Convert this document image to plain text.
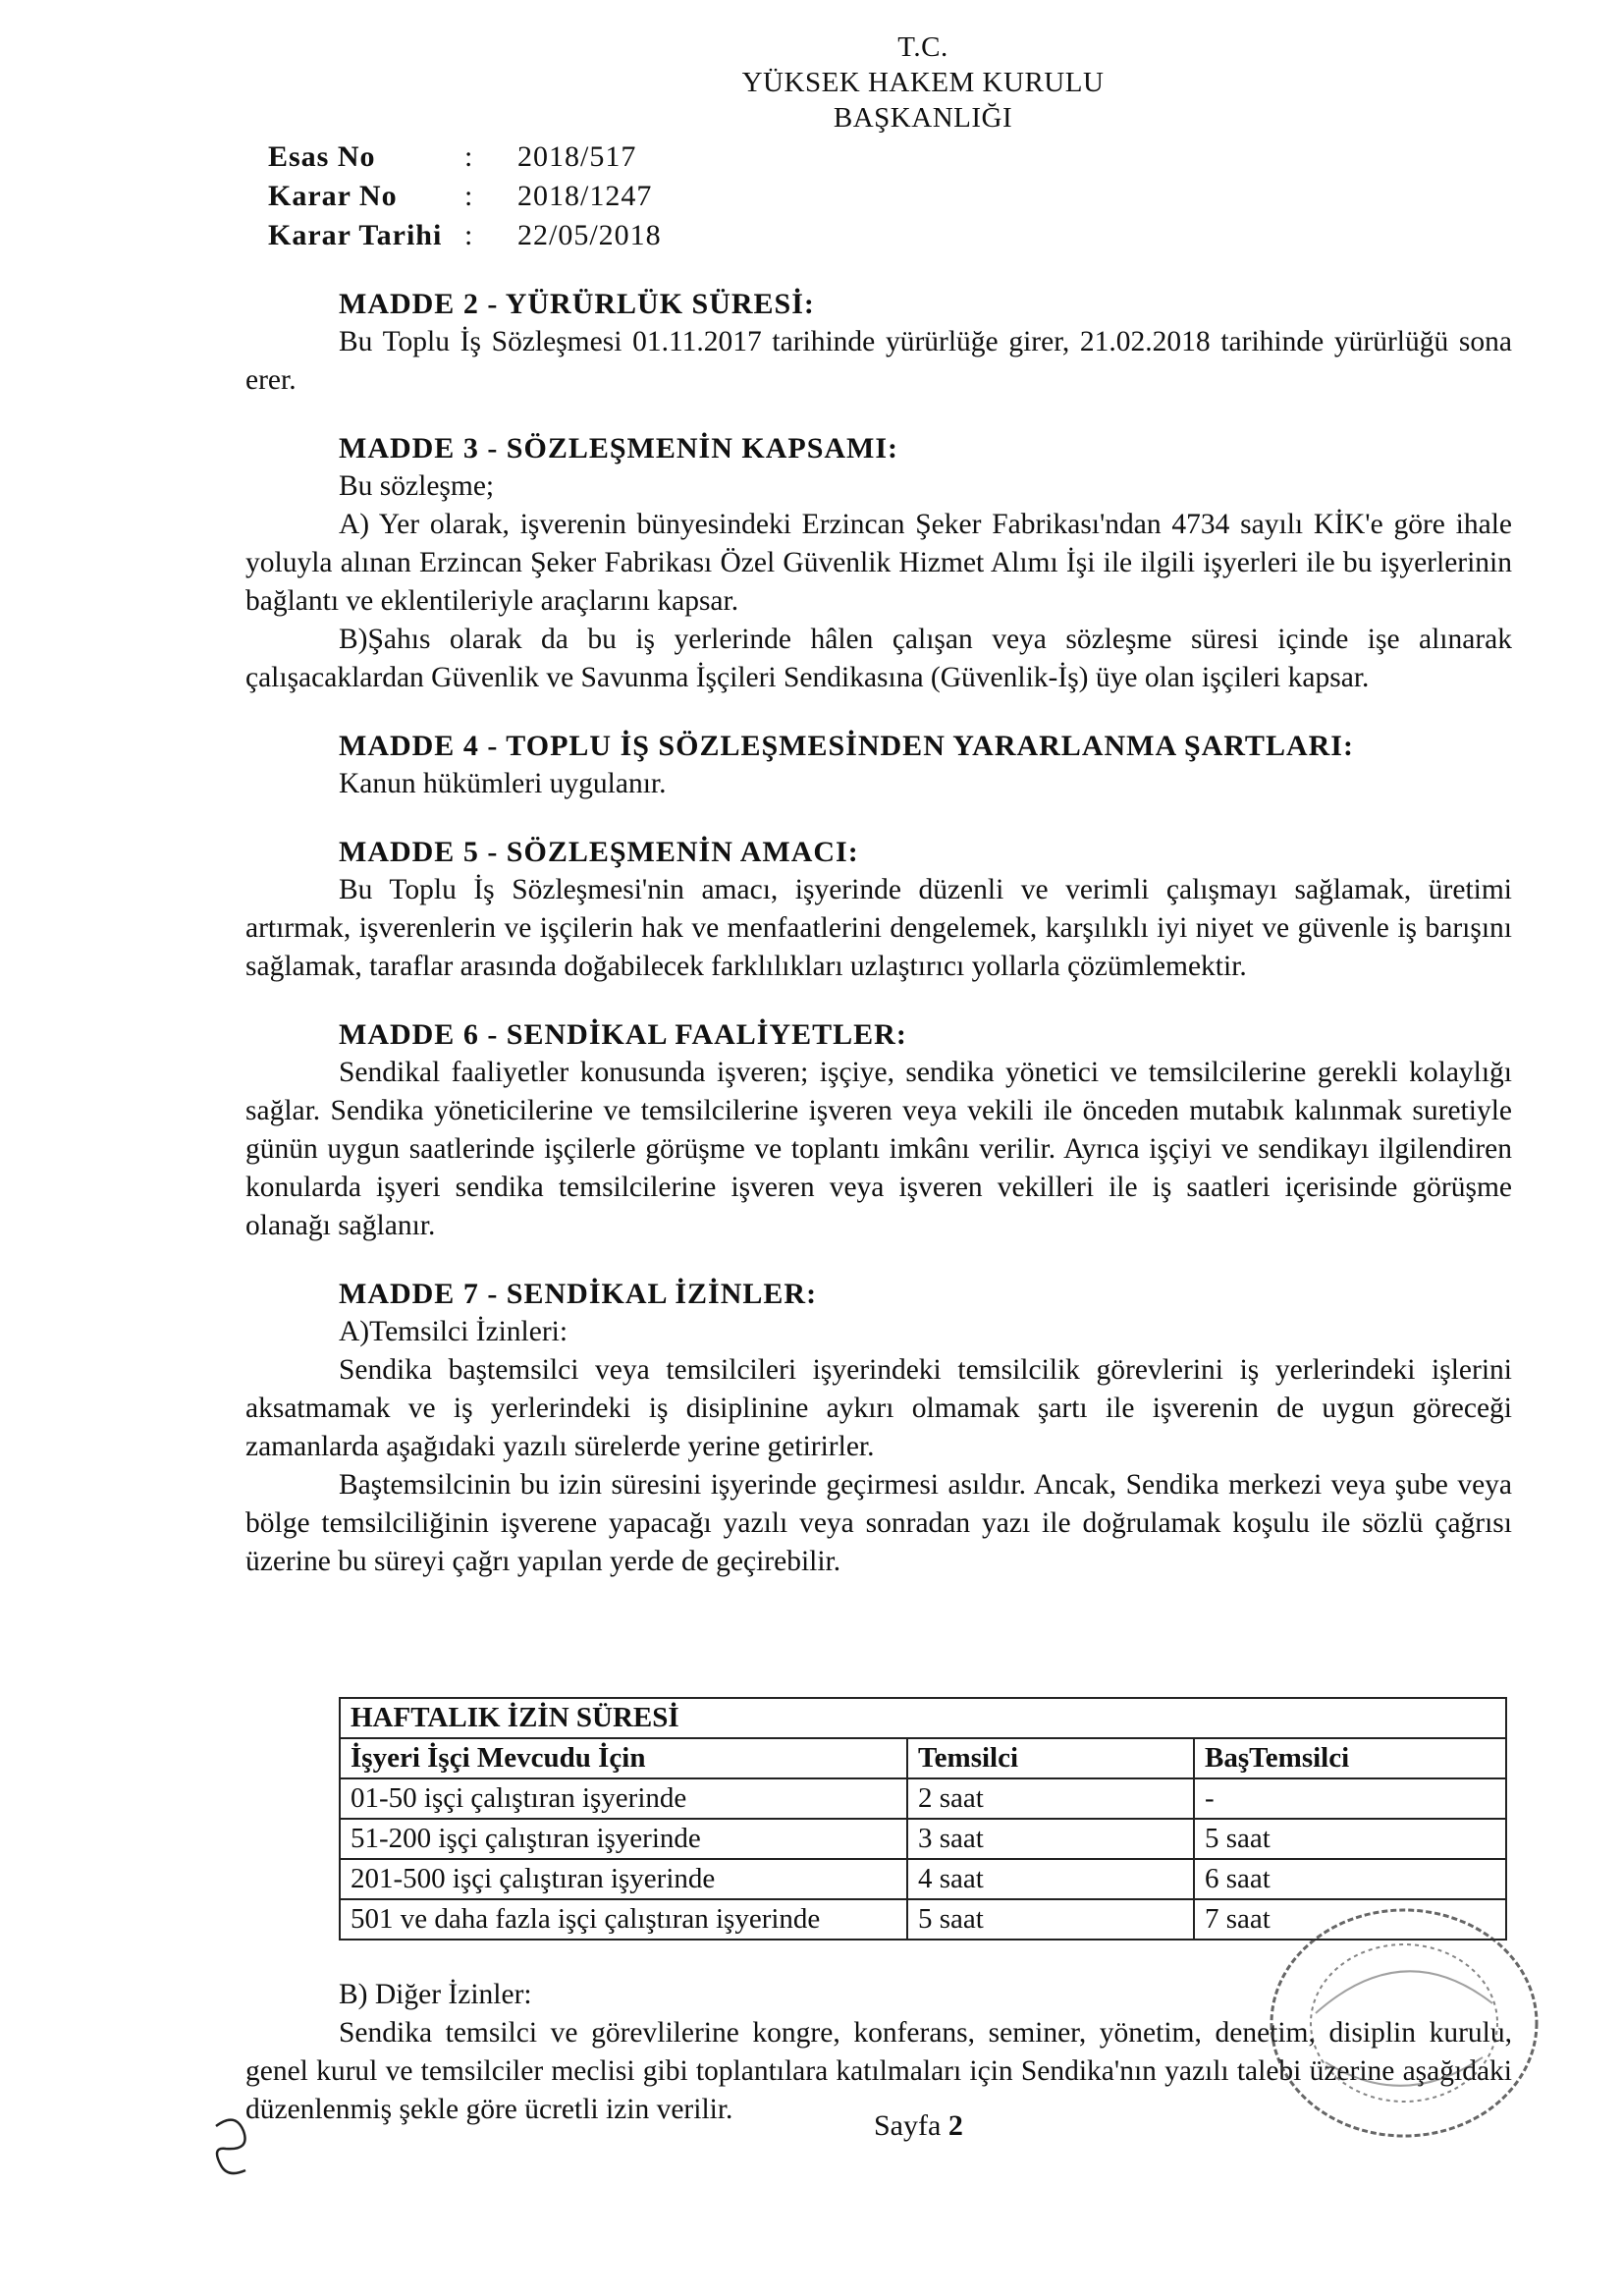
T.C.
YÜKSEK HAKEM KURULU
BAŞKANLIĞI
Esas No	:	2018/517
Karar No	:	2018/1247
Karar Tarihi :	22/05/2018
MADDE 2 - YÜRÜRLÜK SÜRESİ:

Bu Toplu İş Sözleşmesi 01.11.2017 tarihinde yürürlüğe girer, 21.02.2018 tarihinde yürürlüğü sona erer.

MADDE 3 - SÖZLEŞMENİN KAPSAMI:

Bu sözleşme;

A) Yer olarak, işverenin bünyesindeki Erzincan Şeker Fabrikası'ndan 4734 sayılı KİK'e göre ihale yoluyla alınan Erzincan Şeker Fabrikası Özel Güvenlik Hizmet Alımı İşi ile ilgili işyerleri ile bu işyerlerinin bağlantı ve eklentileriyle araçlarını kapsar.

B)Şahıs olarak da bu iş yerlerinde hâlen çalışan veya sözleşme süresi içinde işe alınarak çalışacaklardan Güvenlik ve Savunma İşçileri Sendikasına (Güvenlik-İş) üye olan işçileri kapsar.

MADDE 4 - TOPLU İŞ SÖZLEŞMESİNDEN YARARLANMA ŞARTLARI:

Kanun hükümleri uygulanır.

MADDE 5 - SÖZLEŞMENİN AMACI:

Bu Toplu İş Sözleşmesi'nin amacı, işyerinde düzenli ve verimli çalışmayı sağlamak, üretimi artırmak, işverenlerin ve işçilerin hak ve menfaatlerini dengelemek, karşılıklı iyi niyet ve güvenle iş barışını sağlamak, taraflar arasında doğabilecek farklılıkları uzlaştırıcı yollarla çözümlemektir.

MADDE 6 - SENDİKAL FAALİYETLER:

Sendikal faaliyetler konusunda işveren; işçiye, sendika yönetici ve temsilcilerine gerekli kolaylığı sağlar. Sendika yöneticilerine ve temsilcilerine işveren veya vekili ile önceden mutabık kalınmak suretiyle günün uygun saatlerinde işçilerle görüşme ve toplantı imkânı verilir. Ayrıca işçiyi ve sendikayı ilgilendiren konularda işyeri sendika temsilcilerine işveren veya işveren vekilleri ile iş saatleri içerisinde görüşme olanağı sağlanır.

MADDE 7 - SENDİKAL İZİNLER:

A)Temsilci İzinleri:

Sendika baştemsilci veya temsilcileri işyerindeki temsilcilik görevlerini iş yerlerindeki işlerini aksatmamak ve iş yerlerindeki iş disiplinine aykırı olmamak şartı ile işverenin de uygun göreceği zamanlarda aşağıdaki yazılı sürelerde yerine getirirler.

Baştemsilcinin bu izin süresini işyerinde geçirmesi asıldır. Ancak, Sendika merkezi veya şube veya bölge temsilciliğinin işverene yapacağı yazılı veya sonradan yazı ile doğrulamak koşulu ile sözlü çağrısı üzerine bu süreyi çağrı yapılan yerde de geçirebilir.

HAFTALIK İZİN SÜRESİ		
İşyeri İşçi Mevcudu İçin	Temsilci	BaşTemsilci
01-50 işçi çalıştıran işyerinde	2 saat	-
51-200 işçi çalıştıran işyerinde	3 saat	5 saat
201-500 işçi çalıştıran işyerinde	4 saat	6 saat
501 ve daha fazla işçi çalıştıran işyerinde	5 saat	7 saat

B) Diğer İzinler:

Sendika temsilci ve görevlilerine kongre, konferans, seminer, yönetim, denetim, disiplin kurulu, genel kurul ve temsilciler meclisi gibi toplantılara katılmaları için Sendika'nın yazılı talebi üzerine aşağıdaki düzenlenmiş şekle göre ücretli izin verilir.	Sayfa 2
